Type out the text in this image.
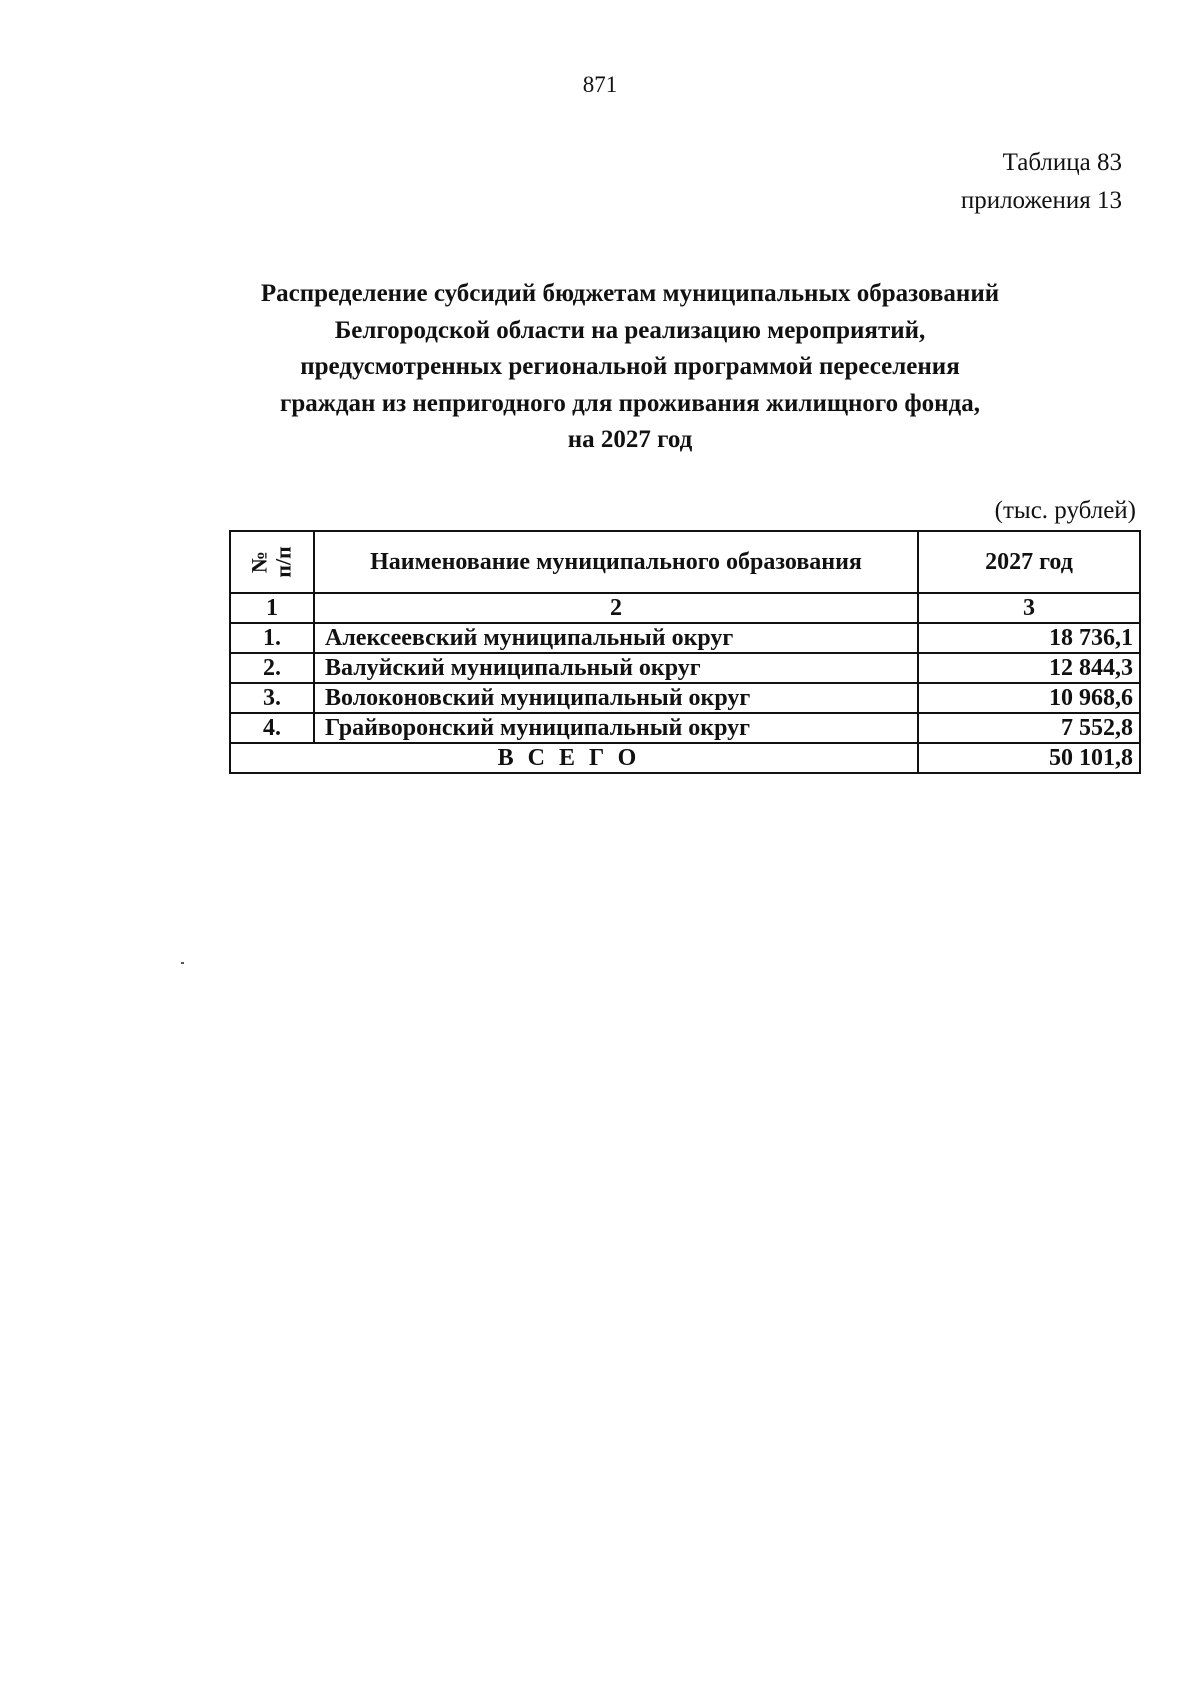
871
Таблица 83
приложения 13
Распределение субсидий бюджетам муниципальных образований
Белгородской области на реализацию мероприятий,
предусмотренных региональной программой переселения
граждан из непригодного для проживания жилищного фонда,
на 2027 год
(тыс. рублей)
№ п/п	Наименование муниципального образования	2027 год
1	2	3
1.	Алексеевский муниципальный округ	18 736,1
2.	Валуйский муниципальный округ	12 844,3
3.	Волоконовский муниципальный округ	10 968,6
4.	Грайворонский муниципальный округ	7 552,8
ВСЕГО		50 101,8
